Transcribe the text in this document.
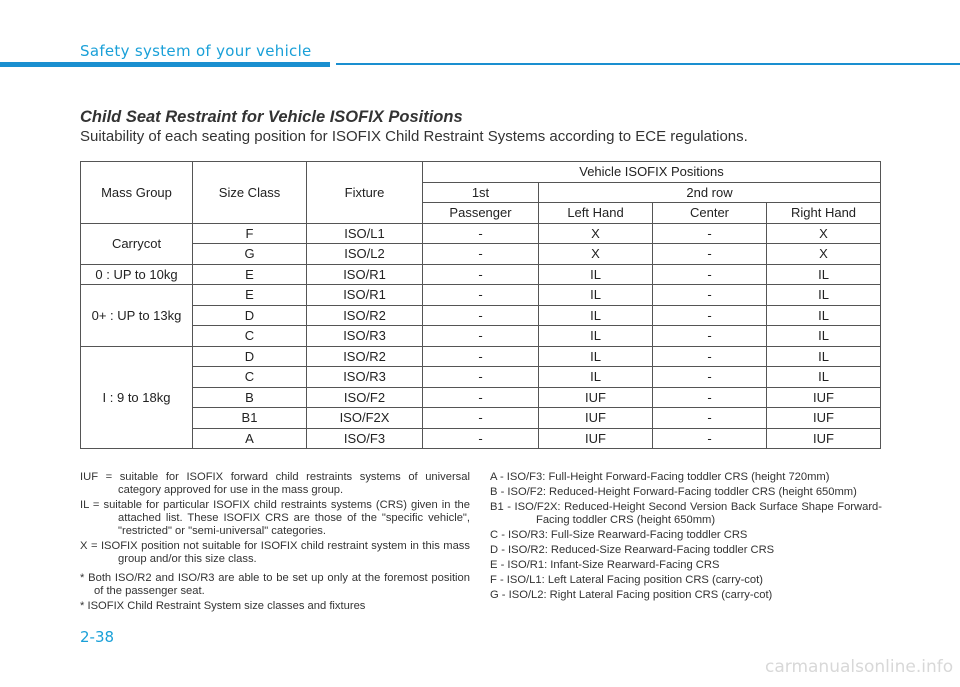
Safety system of your vehicle
Child Seat Restraint for Vehicle ISOFIX Positions
Suitability of each seating position for ISOFIX Child Restraint Systems according to ECE regulations.
Mass Group	Size Class	Fixture	Vehicle ISOFIX Positions			
			1st	2nd row		
			Passenger	Left Hand	Center	Right Hand
Carrycot	F	ISO/L1	-	X	-	X
	G	ISO/L2	-	X	-	X
0 : UP to 10kg	E	ISO/R1	-	IL	-	IL
0+ : UP to 13kg	E	ISO/R1	-	IL	-	IL
	D	ISO/R2	-	IL	-	IL
	C	ISO/R3	-	IL	-	IL
I : 9 to 18kg	D	ISO/R2	-	IL	-	IL
	C	ISO/R3	-	IL	-	IL
	B	ISO/F2	-	IUF	-	IUF
	B1	ISO/F2X	-	IUF	-	IUF
	A	ISO/F3	-	IUF	-	IUF
IUF = suitable for ISOFIX forward child restraints systems of universal category approved for use in the mass group.
IL = suitable for particular ISOFIX child restraints systems (CRS) given in the attached list. These ISOFIX CRS are those of the "specific vehicle", "restricted" or "semi-universal" categories.
X = ISOFIX position not suitable for ISOFIX child restraint system in this mass group and/or this size class.
* Both ISO/R2 and ISO/R3 are able to be set up only at the foremost position of the passenger seat.
* ISOFIX Child Restraint System size classes and fixtures
A - ISO/F3: Full-Height Forward-Facing toddler CRS (height 720mm)
B - ISO/F2: Reduced-Height Forward-Facing toddler CRS (height 650mm)
B1 - ISO/F2X: Reduced-Height Second Version Back Surface Shape Forward-Facing toddler CRS (height 650mm)
C - ISO/R3: Full-Size Rearward-Facing toddler CRS
D - ISO/R2: Reduced-Size Rearward-Facing toddler CRS
E - ISO/R1: Infant-Size Rearward-Facing CRS
F - ISO/L1: Left Lateral Facing position CRS (carry-cot)
G - ISO/L2: Right Lateral Facing position CRS (carry-cot)
2-38
carmanualsonline.info
